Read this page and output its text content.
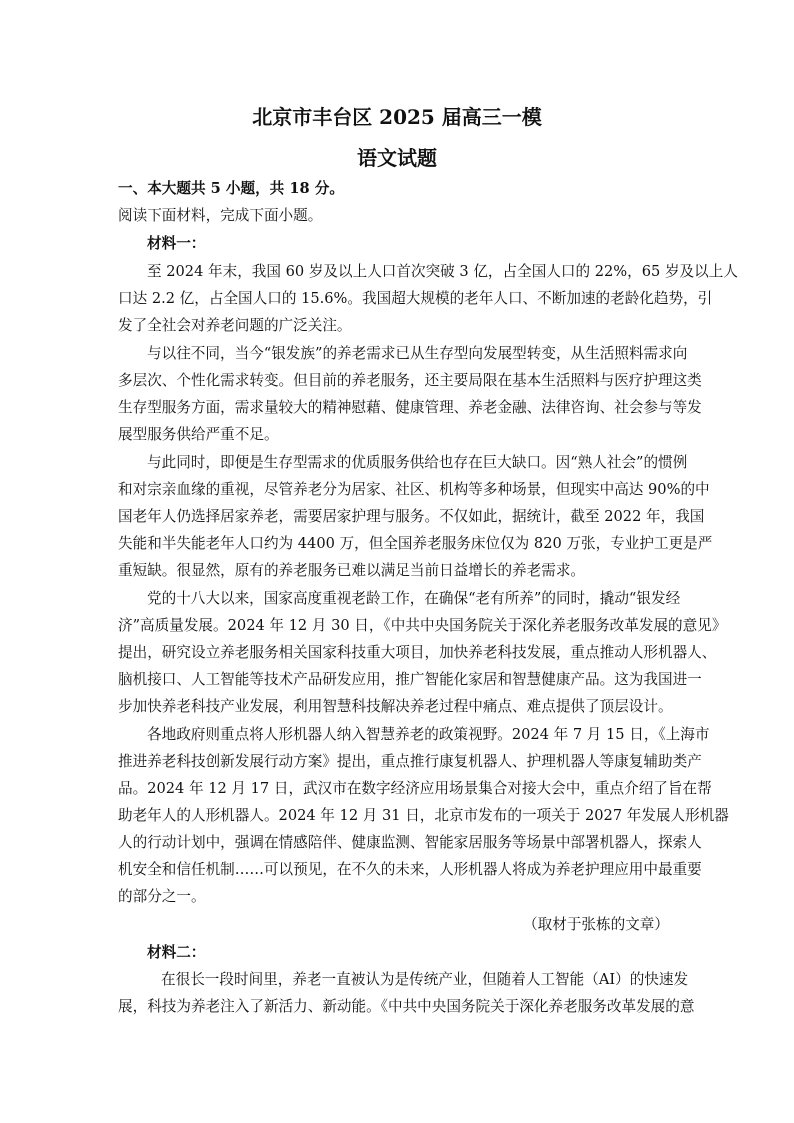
北京市丰台区 2025 届高三一模
语文试题

一、本大题共 5 小题，共 18 分。

阅读下面材料，完成下面小题。

材料一：

至 2024 年末，我国 60 岁及以上人口首次突破 3 亿，占全国人口的 22%，65 岁及以上人

口达 2.2 亿，占全国人口的 15.6%。我国超大规模的老年人口、不断加速的老龄化趋势，引

发了全社会对养老问题的广泛关注。

与以往不同，当今“银发族”的养老需求已从生存型向发展型转变，从生活照料需求向

多层次、个性化需求转变。但目前的养老服务，还主要局限在基本生活照料与医疗护理这类

生存型服务方面，需求量较大的精神慰藉、健康管理、养老金融、法律咨询、社会参与等发

展型服务供给严重不足。

与此同时，即便是生存型需求的优质服务供给也存在巨大缺口。因“熟人社会”的惯例

和对宗亲血缘的重视，尽管养老分为居家、社区、机构等多种场景，但现实中高达 90%的中

国老年人仍选择居家养老，需要居家护理与服务。不仅如此，据统计，截至 2022 年，我国

失能和半失能老年人口约为 4400 万，但全国养老服务床位仅为 820 万张，专业护工更是严

重短缺。很显然，原有的养老服务已难以满足当前日益增长的养老需求。

党的十八大以来，国家高度重视老龄工作，在确保“老有所养”的同时，撬动“银发经

济”高质量发展。2024 年 12 月 30 日，《中共中央国务院关于深化养老服务改革发展的意见》

提出，研究设立养老服务相关国家科技重大项目，加快养老科技发展，重点推动人形机器人、

脑机接口、人工智能等技术产品研发应用，推广智能化家居和智慧健康产品。这为我国进一

步加快养老科技产业发展，利用智慧科技解决养老过程中痛点、难点提供了顶层设计。

各地政府则重点将人形机器人纳入智慧养老的政策视野。2024 年 7 月 15 日，《上海市

推进养老科技创新发展行动方案》提出，重点推行康复机器人、护理机器人等康复辅助类产

品。2024 年 12 月 17 日，武汉市在数字经济应用场景集合对接大会中，重点介绍了旨在帮

助老年人的人形机器人。2024 年 12 月 31 日，北京市发布的一项关于 2027 年发展人形机器

人的行动计划中，强调在情感陪伴、健康监测、智能家居服务等场景中部署机器人，探索人

机安全和信任机制……可以预见，在不久的未来，人形机器人将成为养老护理应用中最重要

的部分之一。

（取材于张栋的文章）

材料二：

在很长一段时间里，养老一直被认为是传统产业，但随着人工智能（AI）的快速发

展，科技为养老注入了新活力、新动能。《中共中央国务院关于深化养老服务改革发展的意
